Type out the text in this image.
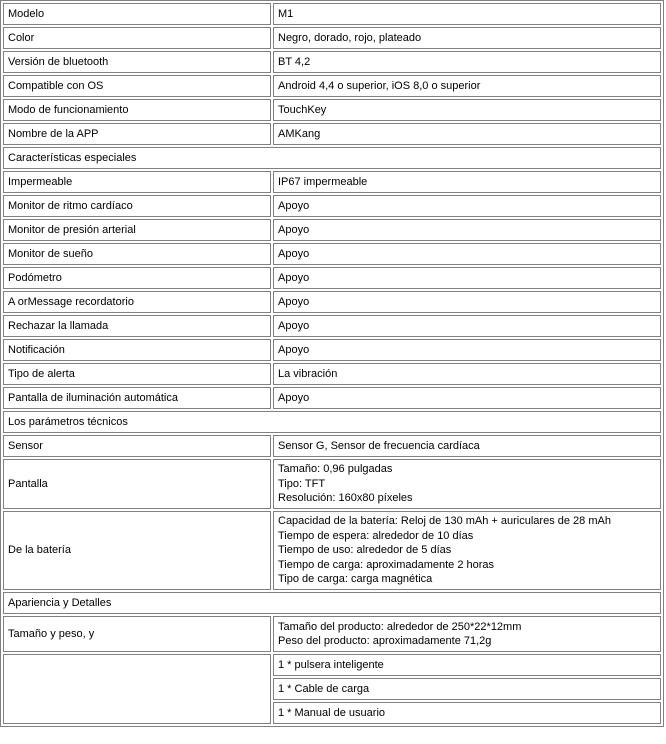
Modelo	M1
Color	Negro, dorado, rojo, plateado
Versión de bluetooth	BT 4,2
Compatible con OS	Android 4,4 o superior, iOS 8,0 o superior
Modo de funcionamiento	TouchKey
Nombre de la APP	AMKang
Características especiales	
Impermeable	IP67 impermeable
Monitor de ritmo cardíaco	Apoyo
Monitor de presión arterial	Apoyo
Monitor de sueño	Apoyo
Podómetro	Apoyo
A orMessage recordatorio	Apoyo
Rechazar la llamada	Apoyo
Notificación	Apoyo
Tipo de alerta	La vibración
Pantalla de iluminación automática	Apoyo
Los parámetros técnicos	
Sensor	Sensor G, Sensor de frecuencia cardíaca
Pantalla	Tamaño: 0,96 pulgadas
Tipo: TFT
Resolución: 160x80 píxeles

De la batería	Capacidad de la batería: Reloj de 130 mAh + auriculares de 28 mAh
Tiempo de espera: alrededor de 10 días
Tiempo de uso: alrededor de 5 días
Tiempo de carga: aproximadamente 2 horas
Tipo de carga: carga magnética

Apariencia y Detalles	
Tamaño y peso, y	Tamaño del producto: alrededor de 250*22*12mm
Peso del producto: aproximadamente 71,2g

	1 * pulsera inteligente
	1 * Cable de carga
	1 * Manual de usuario
